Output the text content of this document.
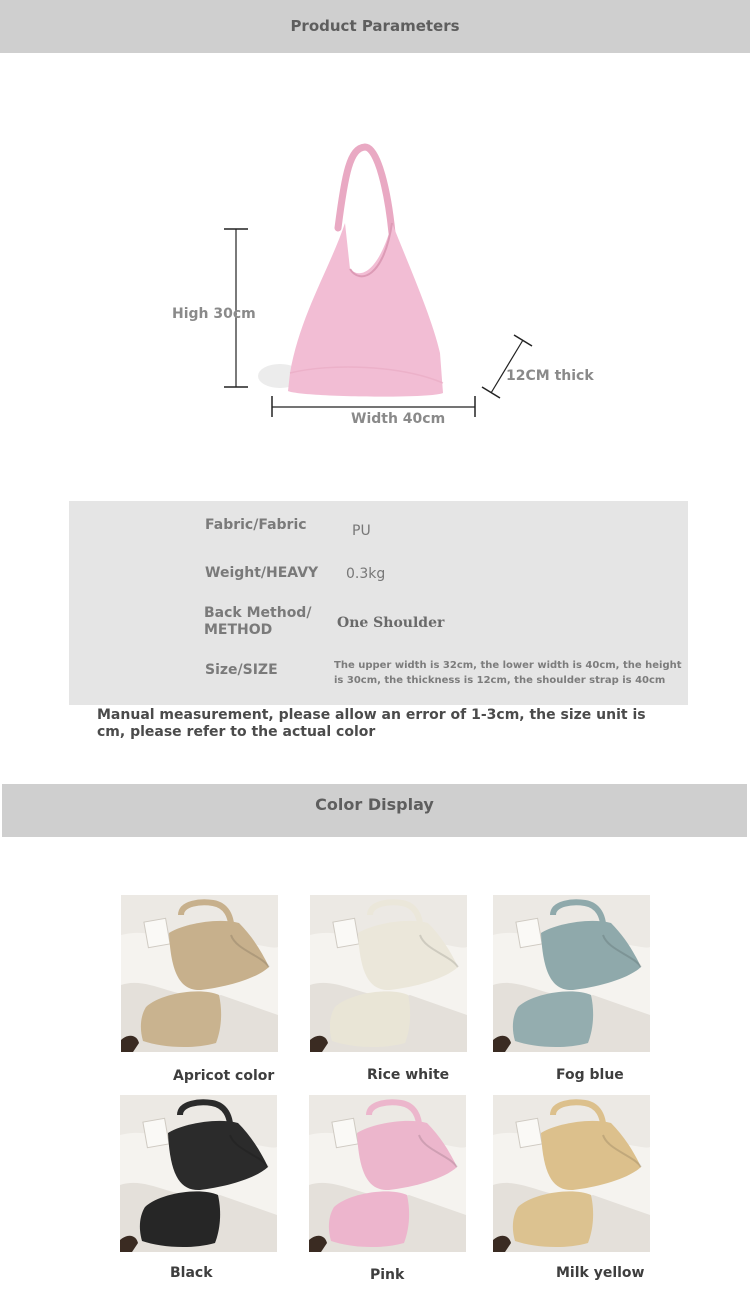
Product Parameters
High 30cm
Width 40cm
12CM thick
Fabric/Fabric	PU
Weight/HEAVY 0.3kg
Back Method/
METHOD	One Shoulder
Size/SIZE	The upper width is 32cm, the lower width is 40cm, the height
is 30cm, the thickness is 12cm, the shoulder strap is 40cm
Manual measurement, please allow an error of 1-3cm, the size unit is cm, please refer to the actual color
Color Display
Apricot color	Rice white	Fog blue
Black	Pink	Milk yellow
